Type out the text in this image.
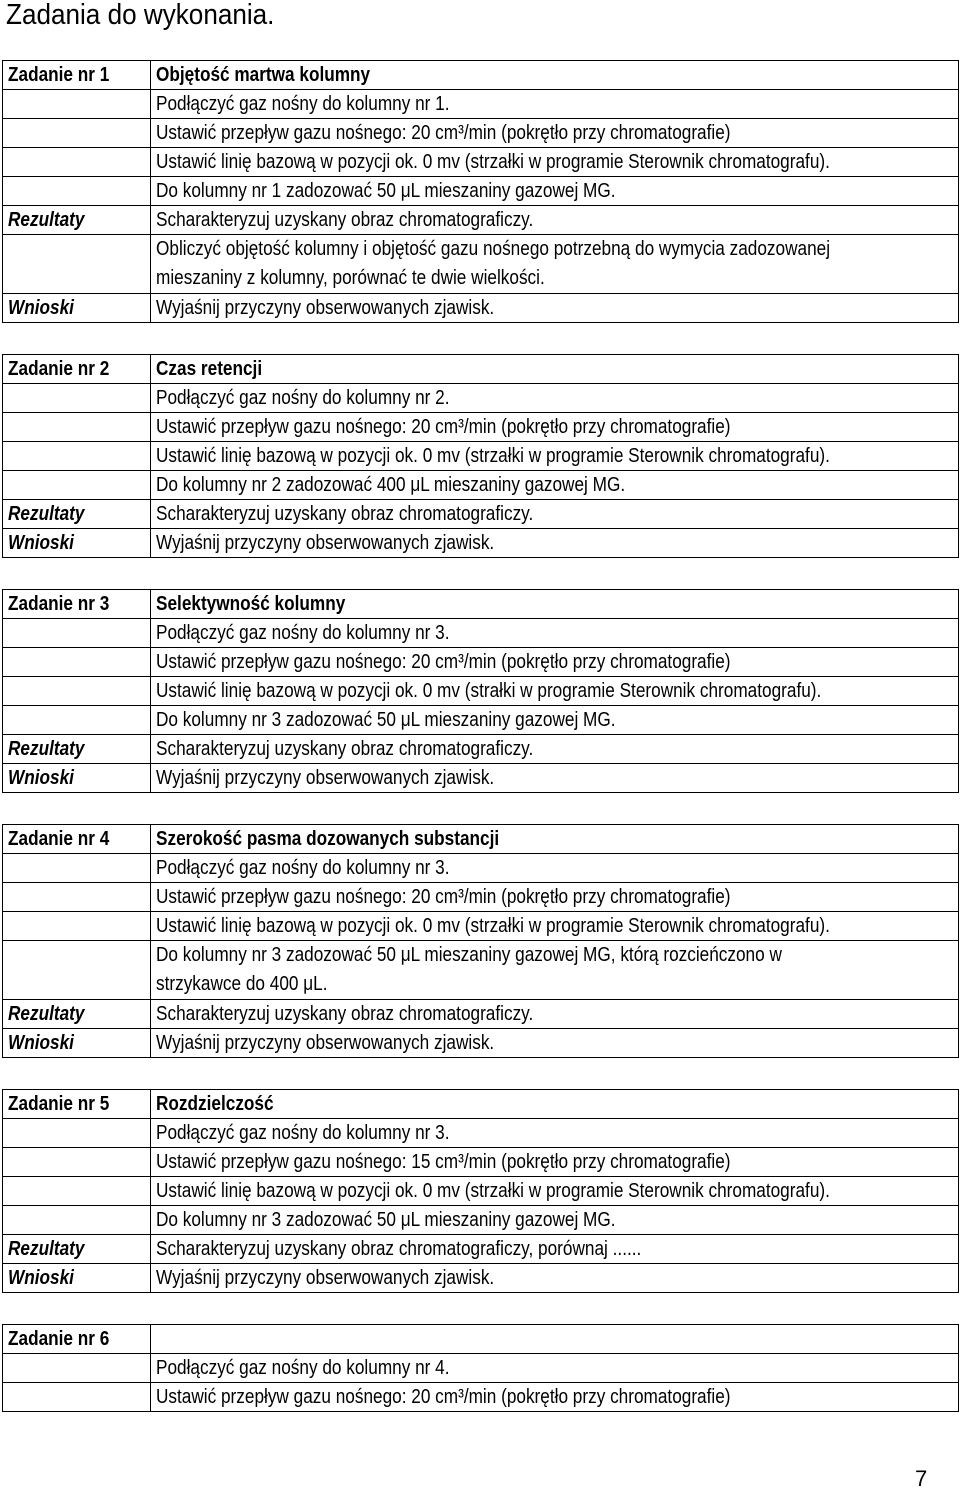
Zadania do wykonania.
Zadanie nr 1	Objętość martwa kolumny
	Podłączyć gaz nośny do kolumny nr 1.
	Ustawić przepływ gazu nośnego: 20 cm³/min (pokrętło przy chromatografie)
	Ustawić linię bazową w pozycji ok. 0 mv (strzałki w programie Sterownik chromatografu).
	Do kolumny nr 1 zadozować 50 μL mieszaniny gazowej MG.
Rezultaty	Scharakteryzuj uzyskany obraz chromatograficzy.

	Obliczyć objętość kolumny i objętość gazu nośnego potrzebną do wymycia zadozowanej
mieszaniny z kolumny, porównać te dwie wielkości.

Wnioski	Wyjaśnij przyczyny obserwowanych zjawisk.
Zadanie nr 2	Czas retencji
	Podłączyć gaz nośny do kolumny nr 2.
	Ustawić przepływ gazu nośnego: 20 cm³/min (pokrętło przy chromatografie)
	Ustawić linię bazową w pozycji ok. 0 mv (strzałki w programie Sterownik chromatografu).
	Do kolumny nr 2 zadozować 400 μL mieszaniny gazowej MG.
Rezultaty	Scharakteryzuj uzyskany obraz chromatograficzy.
Wnioski	Wyjaśnij przyczyny obserwowanych zjawisk.
Zadanie nr 3	Selektywność kolumny
	Podłączyć gaz nośny do kolumny nr 3.
	Ustawić przepływ gazu nośnego: 20 cm³/min (pokrętło przy chromatografie)
	Ustawić linię bazową w pozycji ok. 0 mv (strałki w programie Sterownik chromatografu).
	Do kolumny nr 3 zadozować 50 μL mieszaniny gazowej MG.
Rezultaty	Scharakteryzuj uzyskany obraz chromatograficzy.
Wnioski	Wyjaśnij przyczyny obserwowanych zjawisk.
Zadanie nr 4	Szerokość pasma dozowanych substancji
	Podłączyć gaz nośny do kolumny nr 3.
	Ustawić przepływ gazu nośnego: 20 cm³/min (pokrętło przy chromatografie)
	Ustawić linię bazową w pozycji ok. 0 mv (strzałki w programie Sterownik chromatografu).

	Do kolumny nr 3 zadozować 50 μL mieszaniny gazowej MG, którą rozcieńczono w
strzykawce do 400 μL.

Rezultaty	Scharakteryzuj uzyskany obraz chromatograficzy.
Wnioski	Wyjaśnij przyczyny obserwowanych zjawisk.
Zadanie nr 5	Rozdzielczość
	Podłączyć gaz nośny do kolumny nr 3.
	Ustawić przepływ gazu nośnego: 15 cm³/min (pokrętło przy chromatografie)
	Ustawić linię bazową w pozycji ok. 0 mv (strzałki w programie Sterownik chromatografu).
	Do kolumny nr 3 zadozować 50 μL mieszaniny gazowej MG.
Rezultaty	Scharakteryzuj uzyskany obraz chromatograficzy, porównaj ......
Wnioski	Wyjaśnij przyczyny obserwowanych zjawisk.
Zadanie nr 6	
	Podłączyć gaz nośny do kolumny nr 4.
	Ustawić przepływ gazu nośnego: 20 cm³/min (pokrętło przy chromatografie)
7
